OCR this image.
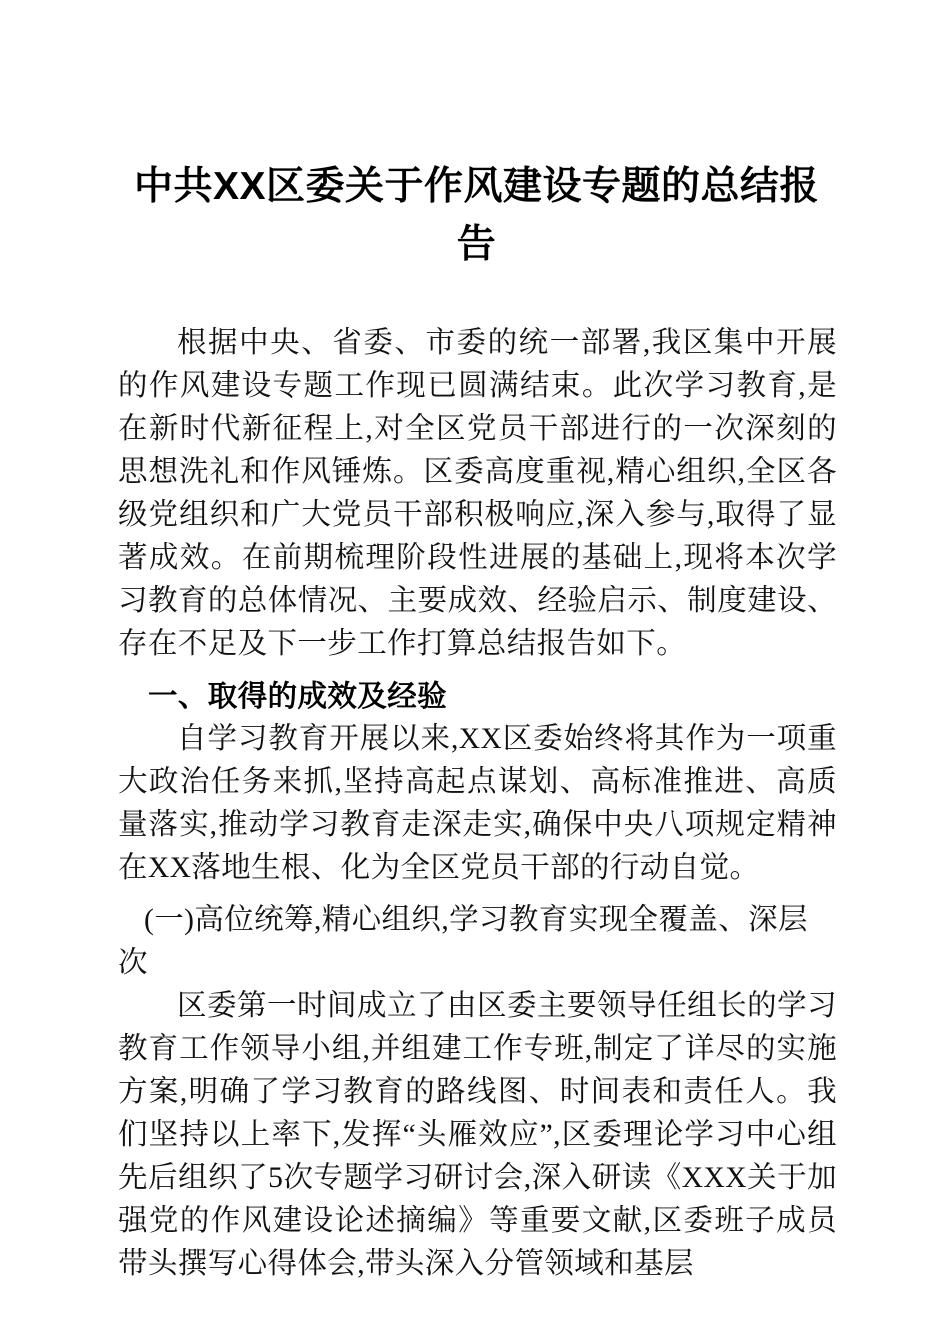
中共XX区委关于作风建设专题的总结报告

根据中央、省委、市委的统一部署,我区集中开展的作风建设专题工作现已圆满结束。此次学习教育,是在新时代新征程上,对全区党员干部进行的一次深刻的思想洗礼和作风锤炼。区委高度重视,精心组织,全区各级党组织和广大党员干部积极响应,深入参与,取得了显著成效。在前期梳理阶段性进展的基础上,现将本次学习教育的总体情况、主要成效、经验启示、制度建设、存在不足及下一步工作打算总结报告如下。

一、取得的成效及经验

自学习教育开展以来,XX区委始终将其作为一项重大政治任务来抓,坚持高起点谋划、高标准推进、高质量落实,推动学习教育走深走实,确保中央八项规定精神在XX落地生根、化为全区党员干部的行动自觉。

(一)高位统筹,精心组织,学习教育实现全覆盖、深层次

区委第一时间成立了由区委主要领导任组长的学习教育工作领导小组,并组建工作专班,制定了详尽的实施方案,明确了学习教育的路线图、时间表和责任人。我们坚持以上率下,发挥“头雁效应”,区委理论学习中心组先后组织了5次专题学习研讨会,深入研读《XXX关于加强党的作风建设论述摘编》等重要文献,区委班子成员带头撰写心得体会,带头深入分管领域和基层
